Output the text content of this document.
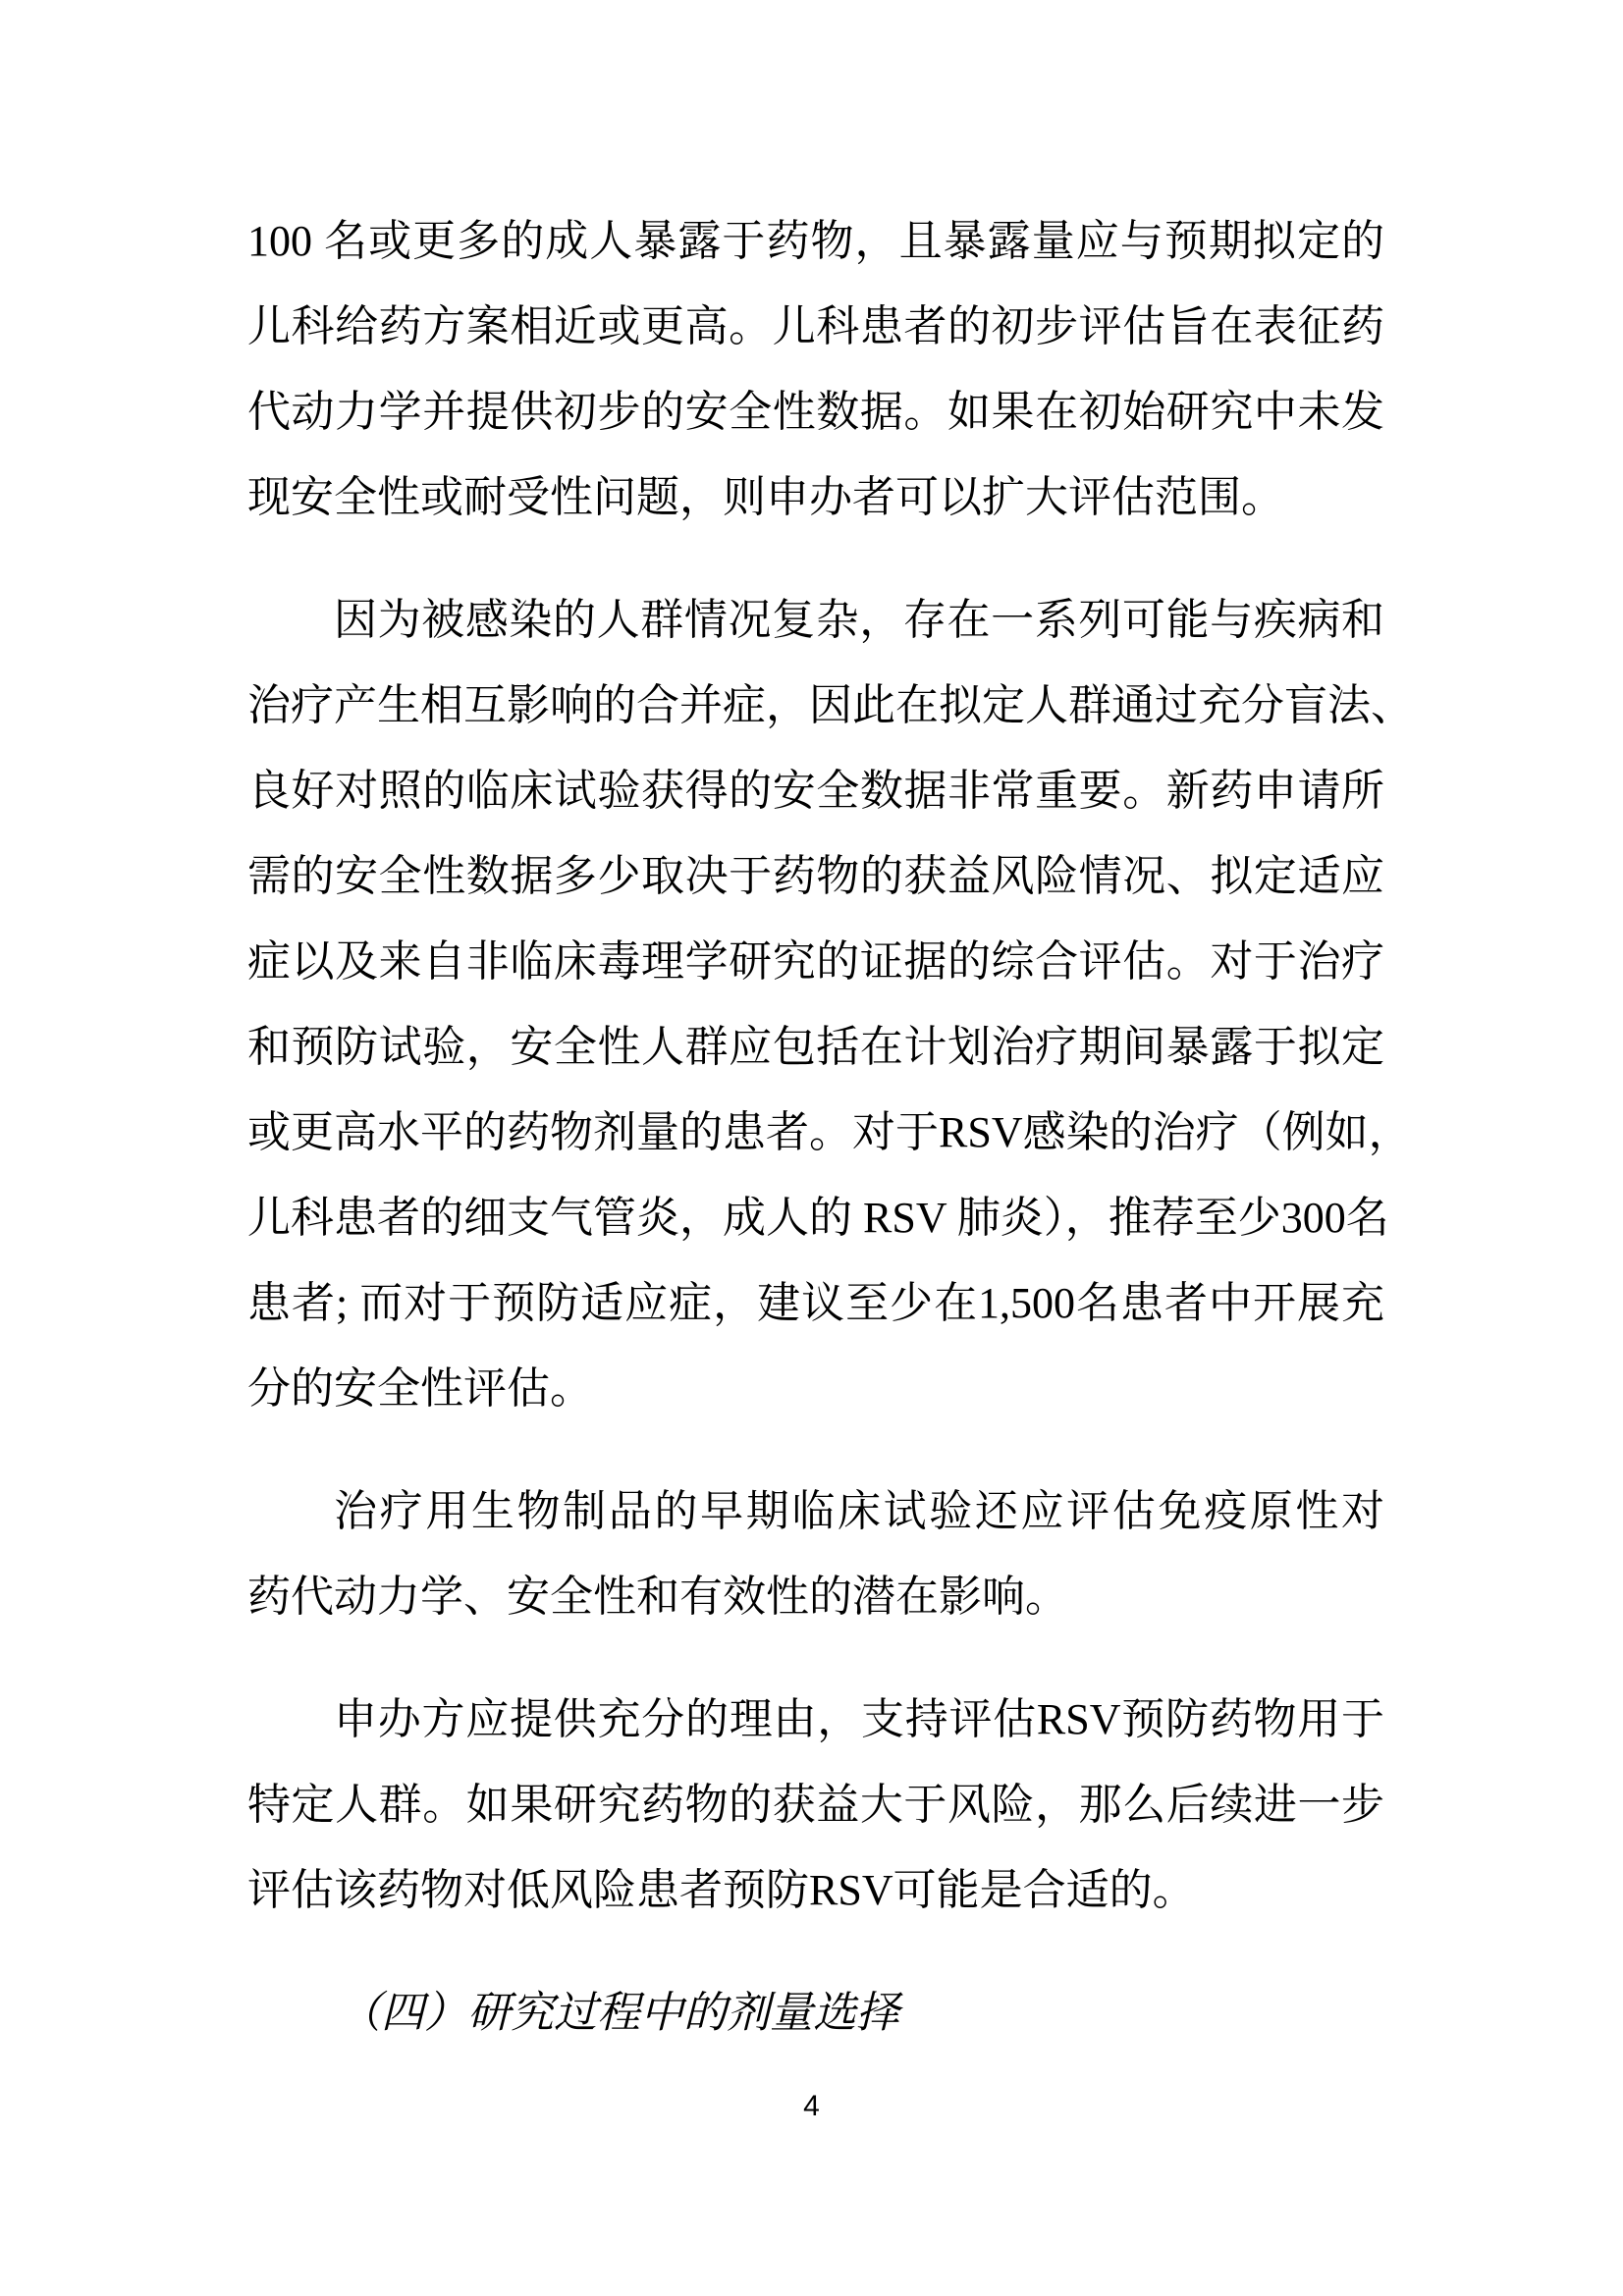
100 名或更多的成人暴露于药物，且暴露量应与预期拟定的
儿科给药方案相近或更高。儿科患者的初步评估旨在表征药
代动力学并提供初步的安全性数据。如果在初始研究中未发
现安全性或耐受性问题，则申办者可以扩大评估范围。
因为被感染的人群情况复杂，存在一系列可能与疾病和
治疗产生相互影响的合并症，因此在拟定人群通过充分盲法、
良好对照的临床试验获得的安全数据非常重要。新药申请所
需的安全性数据多少取决于药物的获益风险情况、拟定适应
症以及来自非临床毒理学研究的证据的综合评估。对于治疗
和预防试验，安全性人群应包括在计划治疗期间暴露于拟定
或更高水平的药物剂量的患者。对于RSV感染的治疗（例如，
儿科患者的细支气管炎，成人的 RSV 肺炎），推荐至少300名
患者; 而对于预防适应症，建议至少在1,500名患者中开展充
分的安全性评估。
治疗用生物制品的早期临床试验还应评估免疫原性对
药代动力学、安全性和有效性的潜在影响。
申办方应提供充分的理由，支持评估RSV预防药物用于
特定人群。如果研究药物的获益大于风险，那么后续进一步
评估该药物对低风险患者预防RSV可能是合适的。
（四）研究过程中的剂量选择
4
